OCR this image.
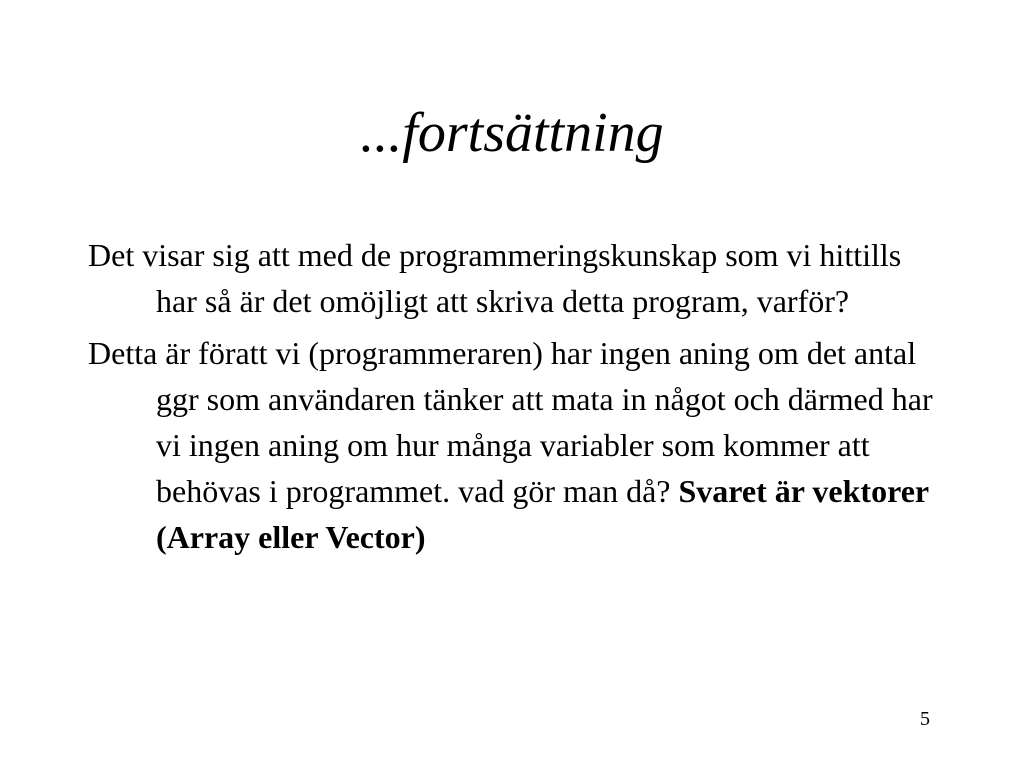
...fortsättning

Det visar sig att med de programmeringskunskap som vi hittills har så är det omöjligt att skriva detta program, varför?

Detta är föratt vi (programmeraren) har ingen aning om det antal ggr som användaren tänker att mata in något och därmed har vi ingen aning om hur många variabler som kommer att behövas i programmet. vad gör man då? Svaret är vektorer (Array eller Vector)

5
